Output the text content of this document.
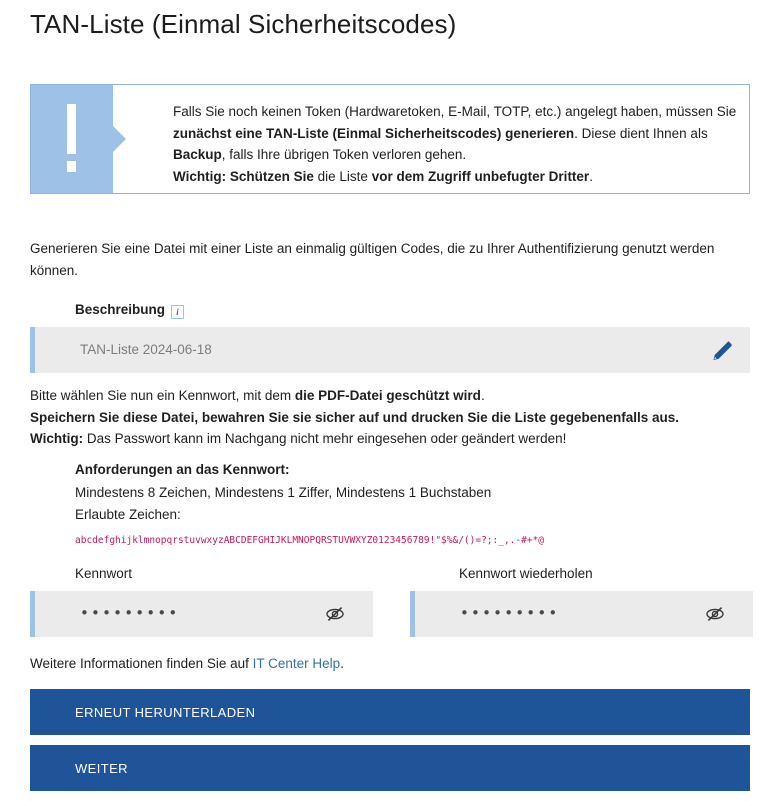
TAN-Liste (Einmal Sicherheitscodes)
Falls Sie noch keinen Token (Hardwaretoken, E-Mail, TOTP, etc.) angelegt haben, müssen Sie zunächst eine TAN-Liste (Einmal Sicherheitscodes) generieren. Diese dient Ihnen als Backup, falls Ihre übrigen Token verloren gehen.
Wichtig: Schützen Sie die Liste vor dem Zugriff unbefugter Dritter.
Generieren Sie eine Datei mit einer Liste an einmalig gültigen Codes, die zu Ihrer Authentifizierung genutzt werden können.
Beschreibung i
TAN-Liste 2024-06-18
Bitte wählen Sie nun ein Kennwort, mit dem die PDF-Datei geschützt wird.
Speichern Sie diese Datei, bewahren Sie sie sicher auf und drucken Sie die Liste gegebenenfalls aus.
Wichtig: Das Passwort kann im Nachgang nicht mehr eingesehen oder geändert werden!
Anforderungen an das Kennwort:
Mindestens 8 Zeichen, Mindestens 1 Ziffer, Mindestens 1 Buchstaben
Erlaubte Zeichen:
abcdefghijklmnopqrstuvwxyzABCDEFGHIJKLMNOPQRSTUVWXYZ0123456789!"$%&/()=?;:_,.-#+*@
Kennwort	Kennwort wiederholen
•••••••••	•••••••••
Weitere Informationen finden Sie auf IT Center Help.
ERNEUT HERUNTERLADEN
WEITER
